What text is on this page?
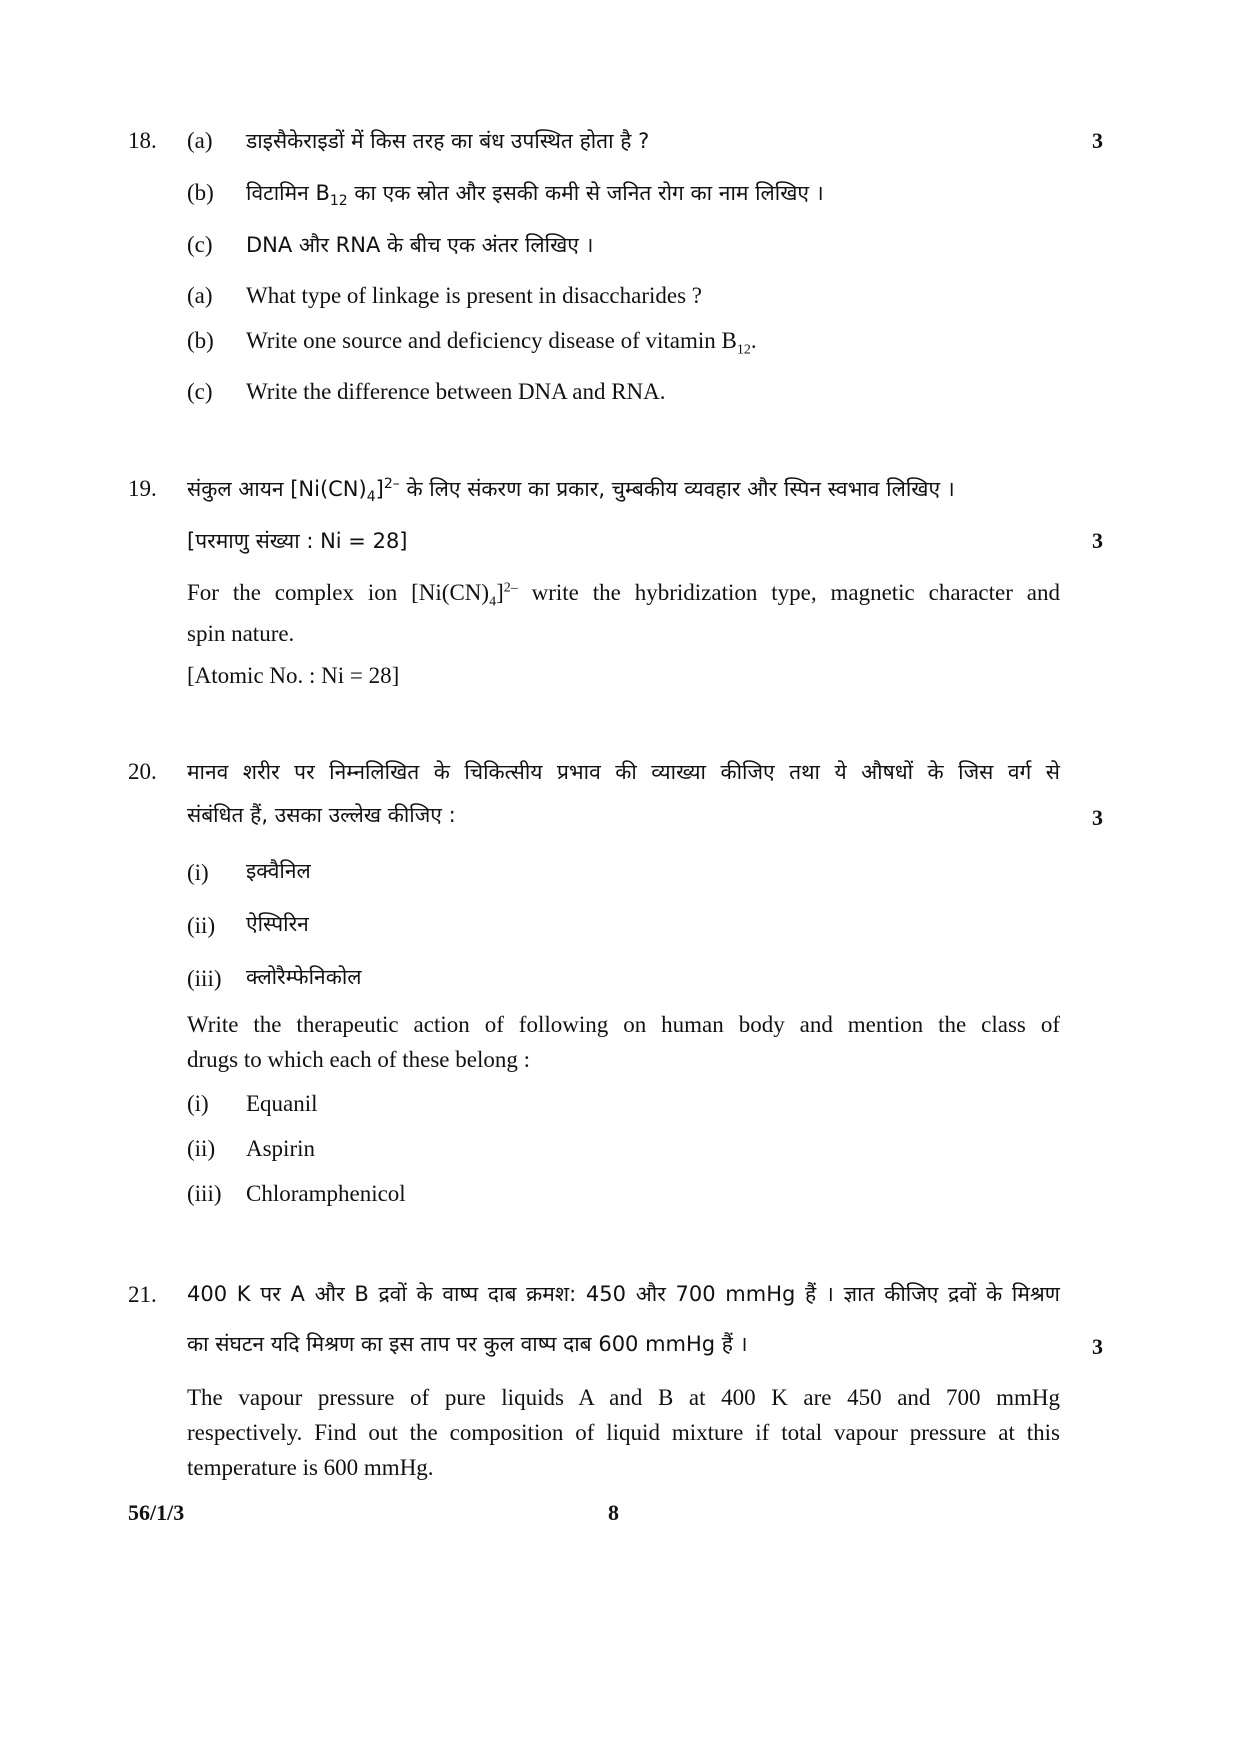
18. (a) डाइसैकेराइडों में किस तरह का बंध उपस्थित होता है ?	3
(b) विटामिन $B_{12}$ का एक स्रोत और इसकी कमी से जनित रोग का नाम लिखिए ।
(c) DNA और RNA के बीच एक अंतर लिखिए ।
(a) What type of linkage is present in disaccharides ?
(b) Write one source and deficiency disease of vitamin $B_{12}$.
(c) Write the difference between DNA and RNA.
19. संकुल आयन $[Ni(CN)_4]^{2-}$ के लिए संकरण का प्रकार, चुम्बकीय व्यवहार और स्पिन स्वभाव लिखिए ।
[परमाणु संख्या : Ni = 28]	3
For the complex ion $[Ni(CN)_4]^{2-}$ write the hybridization type, magnetic character and
spin nature.
[Atomic No. : Ni = 28]
20. मानव शरीर पर निम्नलिखित के चिकित्सीय प्रभाव की व्याख्या कीजिए तथा ये औषधों के जिस वर्ग से
संबंधित हैं, उसका उल्लेख कीजिए :	3
(i) इक्वैनिल
(ii) ऐस्पिरिन
(iii) क्लोरैम्फेनिकोल
Write the therapeutic action of following on human body and mention the class of
drugs to which each of these belong :
(i) Equanil
(ii) Aspirin
(iii) Chloramphenicol
21. 400 K पर A और B द्रवों के वाष्प दाब क्रमश: 450 और 700 mmHg हैं । ज्ञात कीजिए द्रवों के मिश्रण
का संघटन यदि मिश्रण का इस ताप पर कुल वाष्प दाब 600 mmHg हैं ।	3
The vapour pressure of pure liquids A and B at 400 K are 450 and 700 mmHg
respectively. Find out the composition of liquid mixture if total vapour pressure at this
temperature is 600 mmHg.
56/1/3	8
